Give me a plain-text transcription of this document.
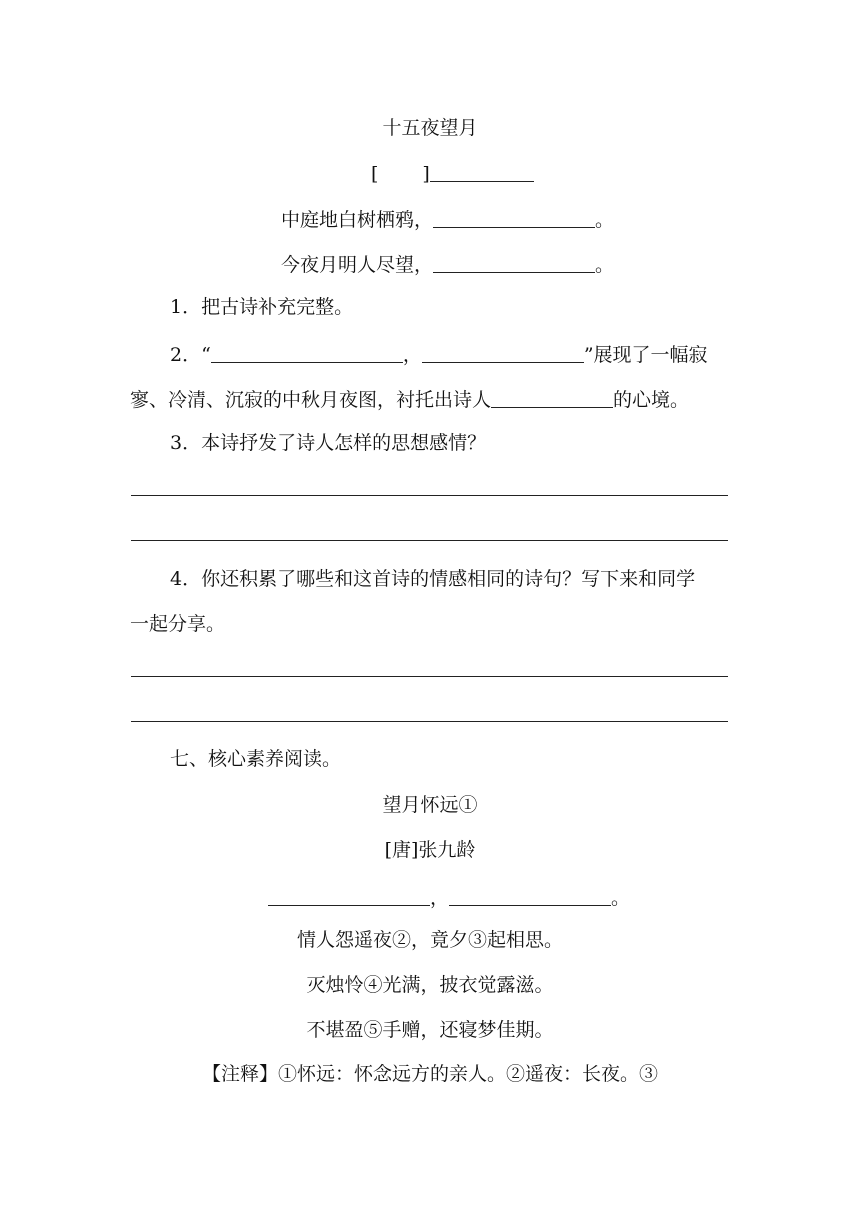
十五夜望月
[ ]
中庭地白树栖鸦，	。
今夜月明人尽望，	。
1．把古诗补充完整。
2．“	，	”展现了一幅寂
寥、冷清、沉寂的中秋月夜图，衬托出诗人	的心境。
3．本诗抒发了诗人怎样的思想感情？
4．你还积累了哪些和这首诗的情感相同的诗句？写下来和同学
一起分享。
七、核心素养阅读。
望月怀远①
[唐]张九龄
，	。
情人怨遥夜②，竟夕③起相思。
灭烛怜④光满，披衣觉露滋。
不堪盈⑤手赠，还寝梦佳期。
【注释】①怀远：怀念远方的亲人。②遥夜：长夜。③
